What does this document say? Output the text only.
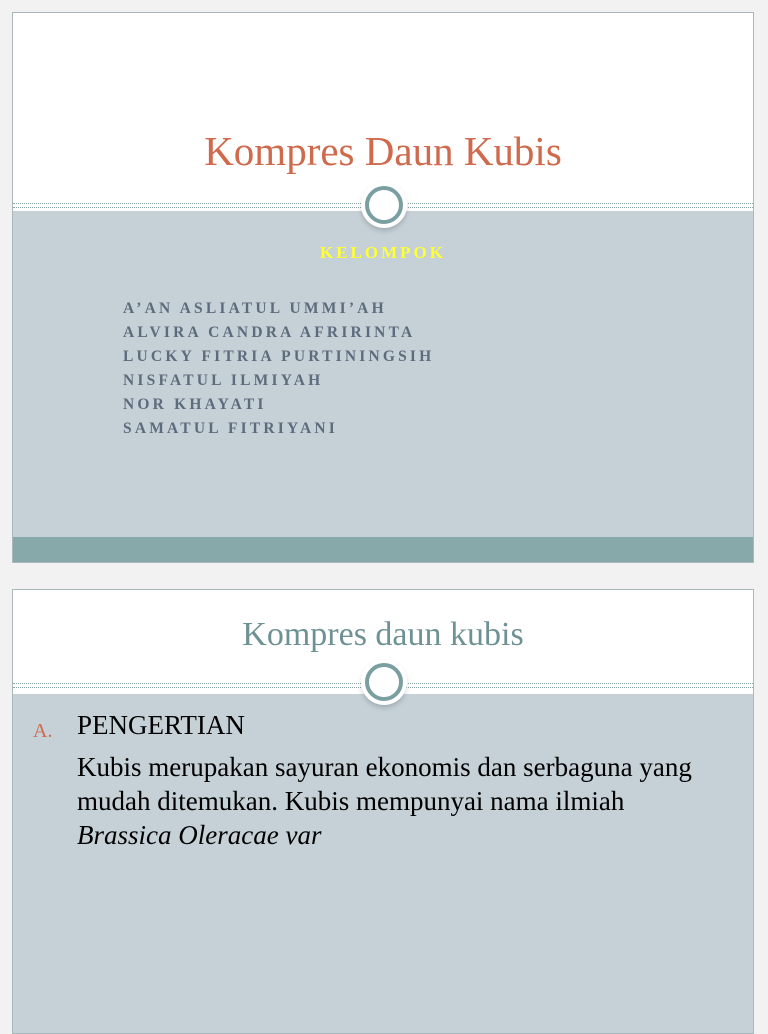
Kompres Daun Kubis
KELOMPOK
A’AN ASLIATUL UMMI’AH
ALVIRA CANDRA AFRIRINTA
LUCKY FITRIA PURTININGSIH
NISFATUL ILMIYAH
NOR KHAYATI
SAMATUL FITRIYANI
Kompres daun kubis
A. PENGERTIAN

Kubis merupakan sayuran ekonomis dan serbaguna yang mudah ditemukan. Kubis mempunyai nama ilmiah Brassica Oleracae var
